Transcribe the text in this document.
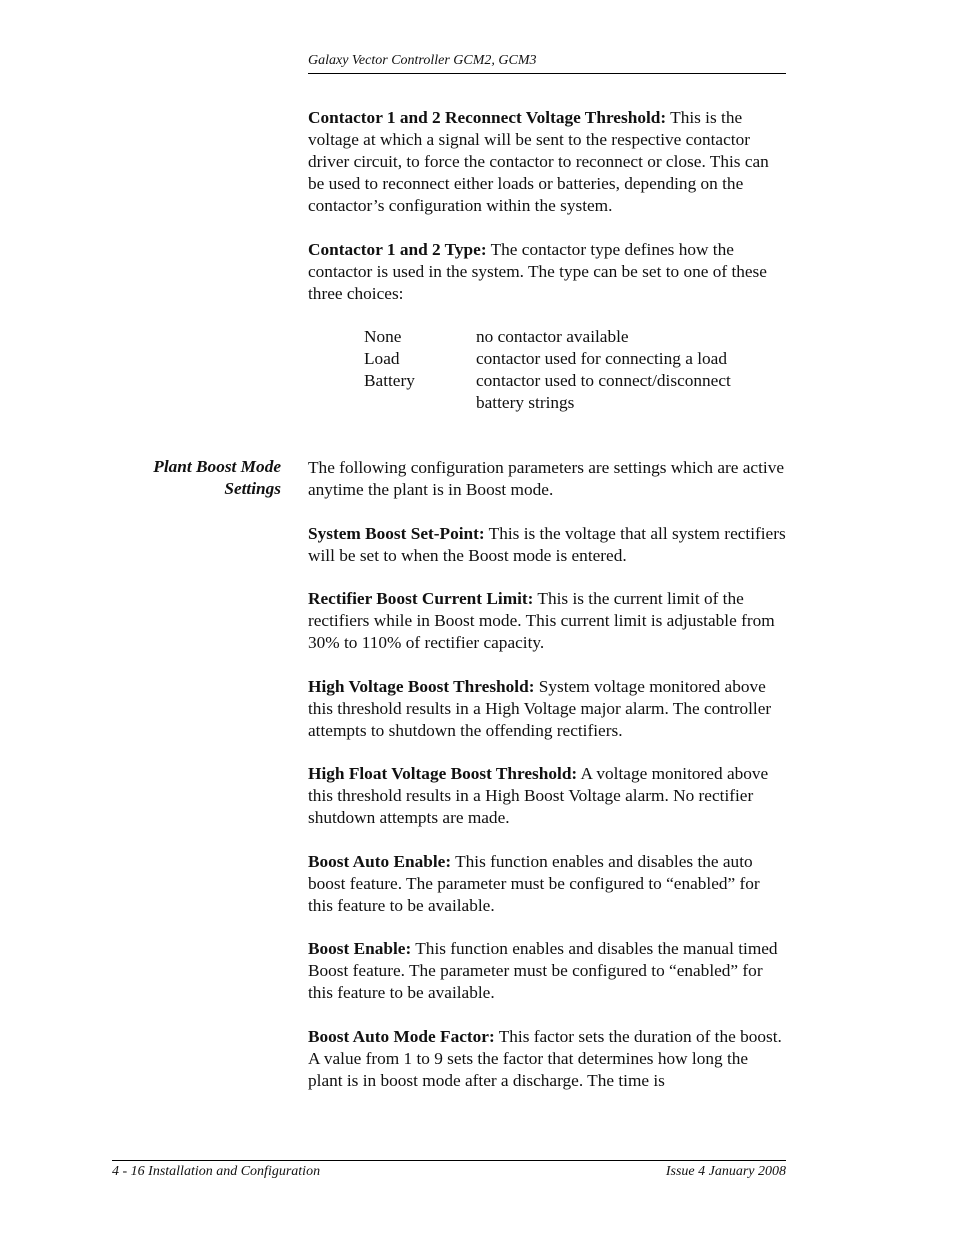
Galaxy Vector Controller GCM2, GCM3
Plant Boost Mode
Settings

Contactor 1 and 2 Reconnect Voltage Threshold: This is the voltage at which a signal will be sent to the respective contactor driver circuit, to force the contactor to reconnect or close. This can be used to reconnect either loads or batteries, depending on the contactor’s configuration within the system.

Contactor 1 and 2 Type: The contactor type defines how the contactor is used in the system. The type can be set to one of these three choices:

None	no contactor available
Load	contactor used for connecting a load
Battery	contactor used to connect/disconnect battery strings

The following configuration parameters are settings which are active anytime the plant is in Boost mode.

System Boost Set-Point: This is the voltage that all system rectifiers will be set to when the Boost mode is entered.

Rectifier Boost Current Limit: This is the current limit of the rectifiers while in Boost mode. This current limit is adjustable from 30% to 110% of rectifier capacity.

High Voltage Boost Threshold: System voltage monitored above this threshold results in a High Voltage major alarm. The controller attempts to shutdown the offending rectifiers.

High Float Voltage Boost Threshold: A voltage monitored above this threshold results in a High Boost Voltage alarm. No rectifier shutdown attempts are made.

Boost Auto Enable: This function enables and disables the auto boost feature. The parameter must be configured to “enabled” for this feature to be available.

Boost Enable: This function enables and disables the manual timed Boost feature. The parameter must be configured to “enabled” for this feature to be available.

Boost Auto Mode Factor: This factor sets the duration of the boost. A value from 1 to 9 sets the factor that determines how long the plant is in boost mode after a discharge. The time is

4 - 16 Installation and Configuration	Issue 4 January 2008
